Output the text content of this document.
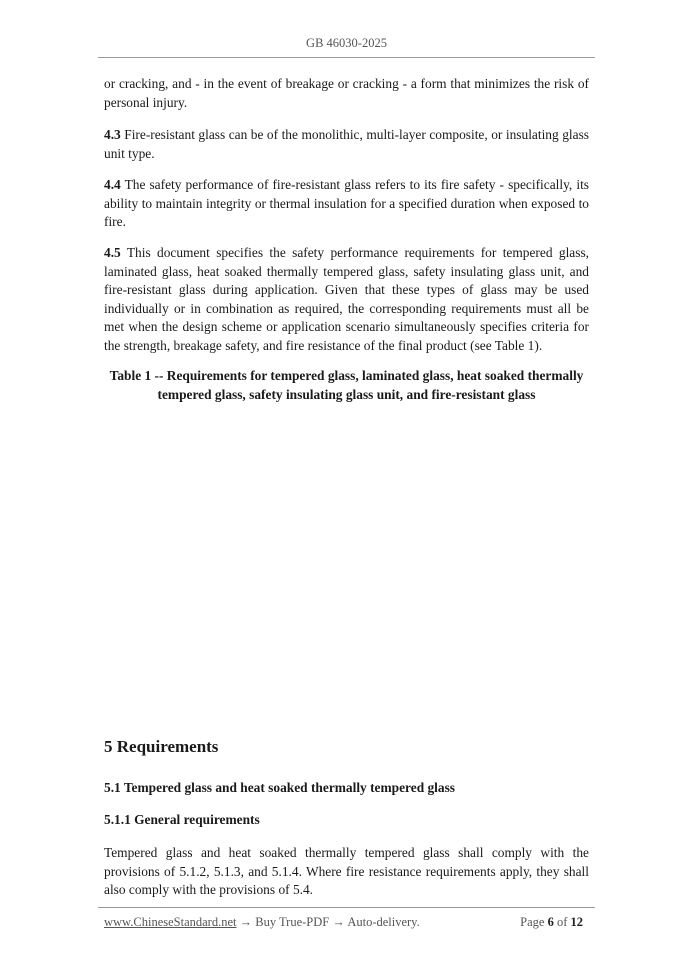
GB 46030-2025
or cracking, and - in the event of breakage or cracking - a form that minimizes the risk of personal injury.
4.3 Fire-resistant glass can be of the monolithic, multi-layer composite, or insulating glass unit type.
4.4 The safety performance of fire-resistant glass refers to its fire safety - specifically, its ability to maintain integrity or thermal insulation for a specified duration when exposed to fire.
4.5 This document specifies the safety performance requirements for tempered glass, laminated glass, heat soaked thermally tempered glass, safety insulating glass unit, and fire-resistant glass during application. Given that these types of glass may be used individually or in combination as required, the corresponding requirements must all be met when the design scheme or application scenario simultaneously specifies criteria for the strength, breakage safety, and fire resistance of the final product (see Table 1).
Table 1 -- Requirements for tempered glass, laminated glass, heat soaked thermally tempered glass, safety insulating glass unit, and fire-resistant glass
5 Requirements
5.1 Tempered glass and heat soaked thermally tempered glass
5.1.1 General requirements
Tempered glass and heat soaked thermally tempered glass shall comply with the provisions of 5.1.2, 5.1.3, and 5.1.4. Where fire resistance requirements apply, they shall also comply with the provisions of 5.4.
www.ChineseStandard.net → Buy True-PDF → Auto-delivery.	Page 6 of 12
